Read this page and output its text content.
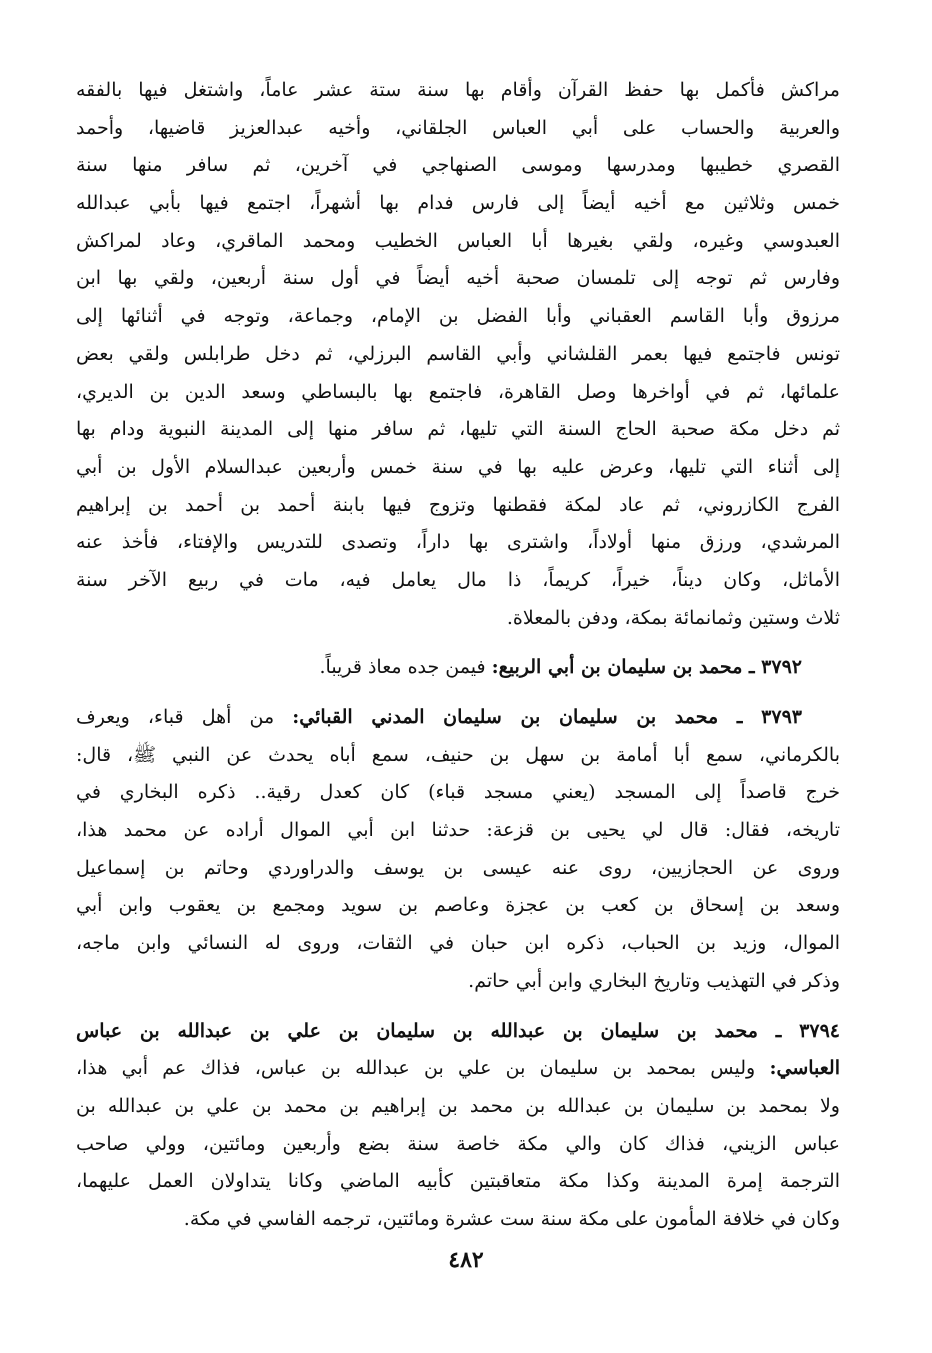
مراكش فأكمل بها حفظ القرآن وأقام بها سنة ستة عشر عاماً، واشتغل فيها بالفقه
والعربية والحساب على أبي العباس الجلقاني، وأخيه عبدالعزيز قاضيها، وأحمد
القصري خطيبها ومدرسها وموسى الصنهاجي في آخرين، ثم سافر منها سنة
خمس وثلاثين مع أخيه أيضاً إلى فارس فدام بها أشهراً، اجتمع فيها بأبي عبدالله
العبدوسي وغيره، ولقي بغيرها أبا العباس الخطيب ومحمد الماقري، وعاد لمراكش
وفارس ثم توجه إلى تلمسان صحبة أخيه أيضاً في أول سنة أربعين، ولقي بها ابن
مرزوق وأبا القاسم العقباني وأبا الفضل بن الإمام، وجماعة، وتوجه في أثنائها إلى
تونس فاجتمع فيها بعمر القلشاني وأبي القاسم البرزلي، ثم دخل طرابلس ولقي بعض
علمائها، ثم في أواخرها وصل القاهرة، فاجتمع بها بالبساطي وسعد الدين بن الديري،
ثم دخل مكة صحبة الحاج السنة التي تليها، ثم سافر منها إلى المدينة النبوية ودام بها
إلى أثناء التي تليها، وعرض عليه بها في سنة خمس وأربعين عبدالسلام الأول بن أبي
الفرج الكازروني، ثم عاد لمكة فقطنها وتزوج فيها بابنة أحمد بن أحمد بن إبراهيم
المرشدي، ورزق منها أولاداً، واشترى بها داراً، وتصدى للتدريس والإفتاء، فأخذ عنه
الأماثل، وكان ديناً، خيراً، كريماً، ذا مال يعامل فيه، مات في ربيع الآخر سنة
ثلاث وستين وثمانمائة بمكة، ودفن بالمعلاة.
  ٣٧٩٢ ـ محمد بن سليمان بن أبي الربيع: فيمن جده معاذ قريباً.
  ٣٧٩٣ ـ محمد بن سليمان بن سليمان المدني القبائي: من أهل قباء، ويعرف
بالكرماني، سمع أبا أمامة بن سهل بن حنيف، سمع أباه يحدث عن النبي ﷺ، قال:
خرج قاصداً إلى المسجد (يعني مسجد قباء) كان كعدل رقية.. ذكره البخاري في
تاريخه، فقال: قال لي يحيى بن قزعة: حدثنا ابن أبي الموال أراده عن محمد هذا،
وروى عن الحجازيين، روى عنه عيسى بن يوسف والدراوردي وحاتم بن إسماعيل
وسعد بن إسحاق بن كعب بن عجزة وعاصم بن سويد ومجمع بن يعقوب وابن أبي
الموال، وزيد بن الحباب، ذكره ابن حبان في الثقات، وروى له النسائي وابن ماجه،
وذكر في التهذيب وتاريخ البخاري وابن أبي حاتم.
٣٧٩٤ ـ محمد بن سليمان بن عبدالله بن سليمان بن علي بن عبدالله بن عباس
العباسي: وليس بمحمد بن سليمان بن علي بن عبدالله بن عباس، فذاك عم أبي هذا،
ولا بمحمد بن سليمان بن عبدالله بن محمد بن إبراهيم بن محمد بن علي بن عبدالله بن
عباس الزيني، فذاك كان والي مكة خاصة سنة بضع وأربعين ومائتين، وولي صاحب
الترجمة إمرة المدينة وكذا مكة متعاقبتين كأبيه الماضي وكانا يتداولان العمل عليهما،
وكان في خلافة المأمون على مكة سنة ست عشرة ومائتين، ترجمه الفاسي في مكة.
٤٨٢
